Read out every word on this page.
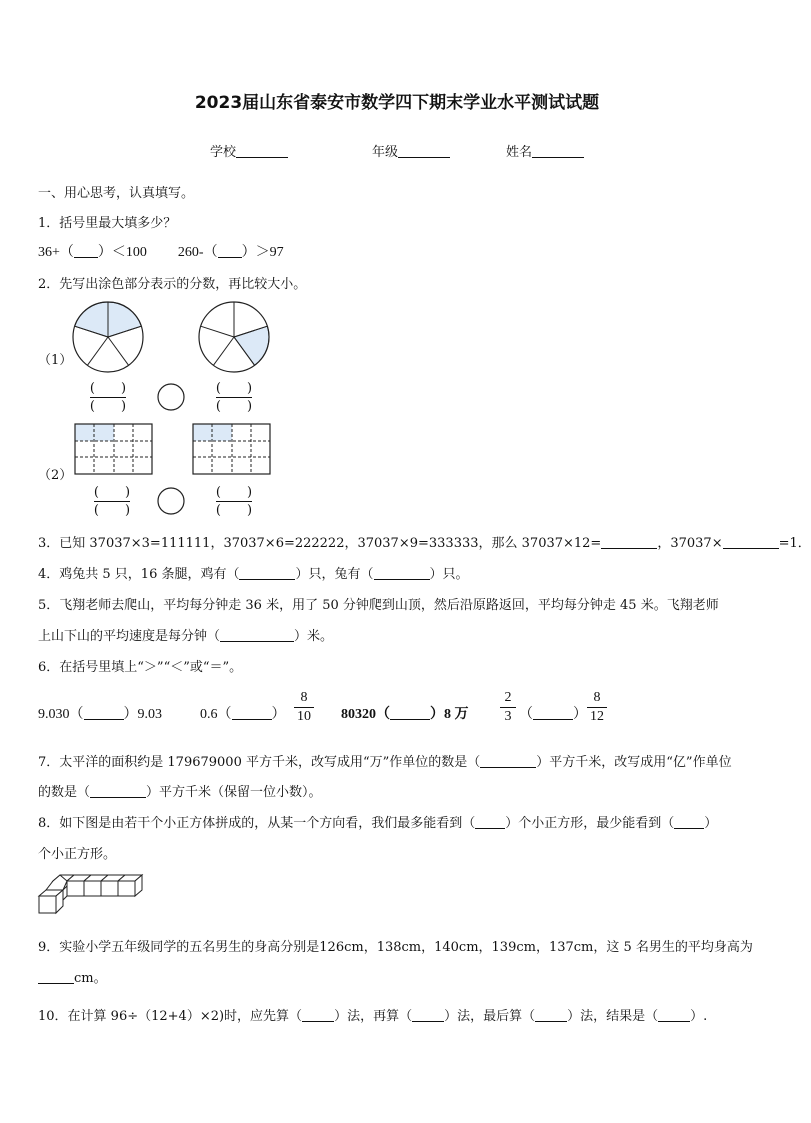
2023届山东省泰安市数学四下期末学业水平测试试题
学校	年级	姓名
一、用心思考，认真填写。
1．括号里最大填多少？
36+（ ）＜100 260-（ ）＞97
2．先写出涂色部分表示的分数，再比较大小。
（1）
（2）
( )
( )
( )
( )
( )
( )
( )
( )
3．已知 37037×3=111111，37037×6=222222，37037×9=333333，那么 37037×12=	，37037×	=1．
4．鸡兔共 5 只，16 条腿，鸡有（	）只，兔有（	）只。
5．飞翔老师去爬山，平均每分钟走 36 米，用了 50 分钟爬到山顶，然后沿原路返回，平均每分钟走 45 米。飞翔老师
上山下山的平均速度是每分钟（	）米。
6．在括号里填上“＞”“＜”或“＝”。
9.030（	）9.03	0.6（	）
8
10 80320（	）8 万
2
3 （	）
8
12
7．太平洋的面积约是 179679000 平方千米，改写成用“万”作单位的数是（	）平方千米，改写成用“亿”作单位
的数是（	）平方千米（保留一位小数）。
8．如下图是由若干个小正方体拼成的，从某一个方向看，我们最多能看到（ ）个小正方形，最少能看到（ ）
个小正方形。
9．实验小学五年级同学的五名男生的身高分别是126cm，138cm，140cm，139cm，137cm，这 5 名男生的平均身高为
cm。
10．在计算 96÷（12+4）×2)时，应先算（ ）法，再算（ ）法，最后算（ ）法，结果是（ ）.
